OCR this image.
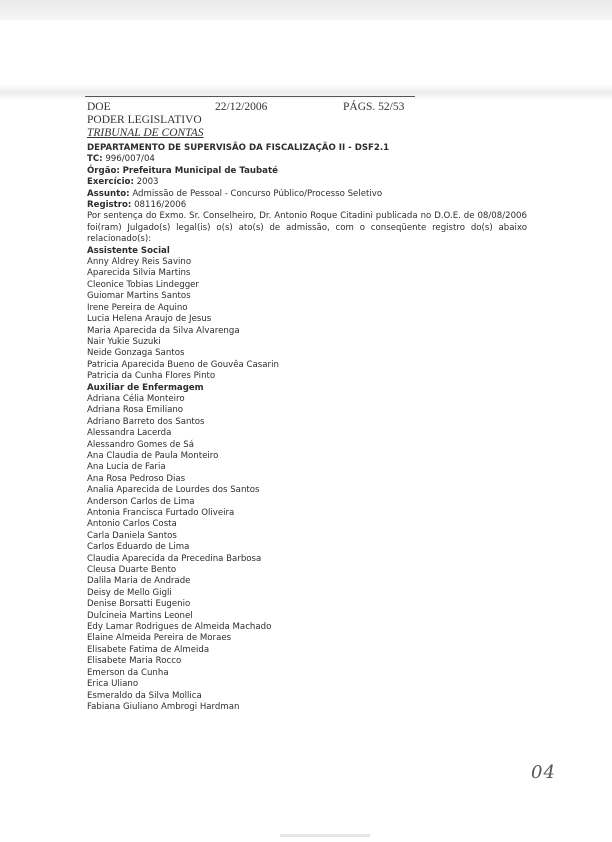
DOE	22/12/2006	PÁGS. 52/53
PODER LEGISLATIVO
TRIBUNAL DE CONTAS
DEPARTAMENTO DE SUPERVISÃO DA FISCALIZAÇÃO II - DSF2.1
TC: 996/007/04
Órgão: Prefeitura Municipal de Taubaté
Exercício: 2003
Assunto: Admissão de Pessoal - Concurso Público/Processo Seletivo
Registro: 08116/2006
Por sentença do Exmo. Sr. Conselheiro, Dr. Antonio Roque Citadini publicada no D.O.E. de 08/08/2006 foi(ram) Julgado(s) legal(is) o(s) ato(s) de admissão, com o conseqüente registro do(s) abaixo relacionado(s):
Assistente Social
Anny Aldrey Reis Savino
Aparecida Silvia Martins
Cleonice Tobias Lindegger
Guiomar Martins Santos
Irene Pereira de Aquino
Lucia Helena Araujo de Jesus
Maria Aparecida da Silva Alvarenga
Nair Yukie Suzuki
Neide Gonzaga Santos
Patricia Aparecida Bueno de Gouvêa Casarin
Patricia da Cunha Flores Pinto
Auxiliar de Enfermagem
Adriana Célia Monteiro
Adriana Rosa Emiliano
Adriano Barreto dos Santos
Alessandra Lacerda
Alessandro Gomes de Sá
Ana Claudia de Paula Monteiro
Ana Lucia de Faria
Ana Rosa Pedroso Dias
Analia Aparecida de Lourdes dos Santos
Anderson Carlos de Lima
Antonia Francisca Furtado Oliveira
Antonio Carlos Costa
Carla Daniela Santos
Carlos Eduardo de Lima
Claudia Aparecida da Precedina Barbosa
Cleusa Duarte Bento
Dalila Maria de Andrade
Deisy de Mello Gigli
Denise Borsatti Eugenio
Dulcineia Martins Leonel
Edy Lamar Rodrigues de Almeida Machado
Elaine Almeida Pereira de Moraes
Elisabete Fatima de Almeida
Elisabete Maria Rocco
Emerson da Cunha
Erica Uliano
Esmeraldo da Silva Mollica
Fabiana Giuliano Ambrogi Hardman
04
